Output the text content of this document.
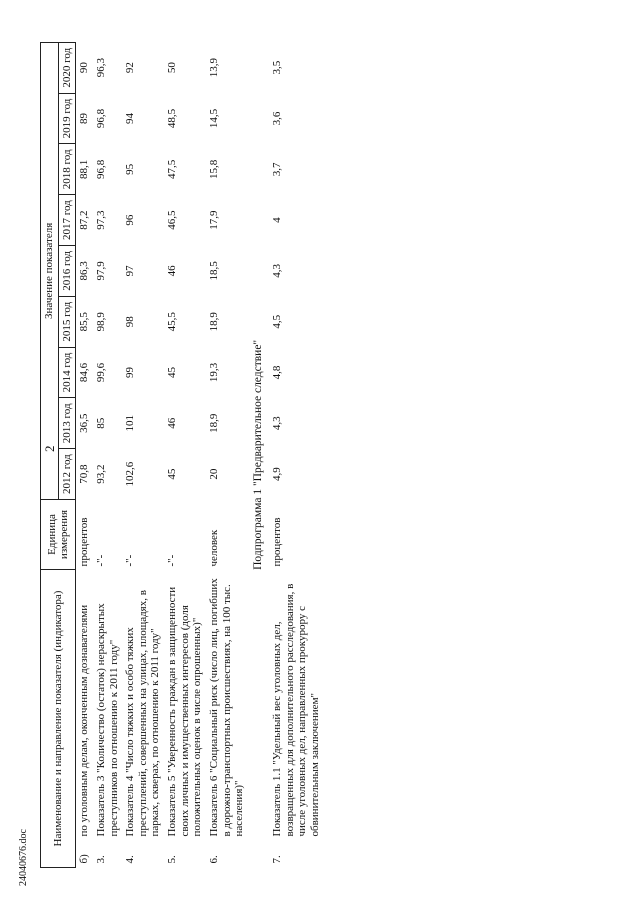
2
24040676.doc
Наименование и направление показателя (индикатора)		Единица измерения	Значение показателя								
			2012 год	2013 год	2014 год	2015 год	2016 год	2017 год	2018 год	2019 год	2020 год
б)	по уголовным делам, оконченным дознавателями	процентов	70,8	36,5	84,6	85,5	86,3	87,2	88,1	89	90
3.	Показатель 3 "Количество (остаток) нераскрытых преступников по отношению к 2011 году"	-"-	93,2	85	99,6	98,9	97,9	97,3	96,8	96,8	96,3
4.	Показатель 4 "Число тяжких и особо тяжких преступлений, совершенных на улицах, площадях, в парках, скверах, по отношению к 2011 году"	-"-	102,6	101	99	98	97	96	95	94	92
5.	Показатель 5 "Уверенность граждан в защищенности своих личных и имущественных интересов (доля положительных оценок в числе опрошенных)"	-"-	45	46	45	45,5	46	46,5	47,5	48,5	50
6.	Показатель 6 "Социальный риск (число лиц, погибших в дорожно-транспортных происшествиях, на 100 тыс. населения)"	человек	20	18,9	19,3	18,9	18,5	17,9	15,8	14,5	13,9
Подпрограмма 1 "Предварительное следствие"											
7.	Показатель 1.1 "Удельный вес уголовных дел, возвращенных для дополнительного расследования, в числе уголовных дел, направленных прокурору с обвинительным заключением"	процентов	4,9	4,3	4,8	4,5	4,3	4	3,7	3,6	3,5
